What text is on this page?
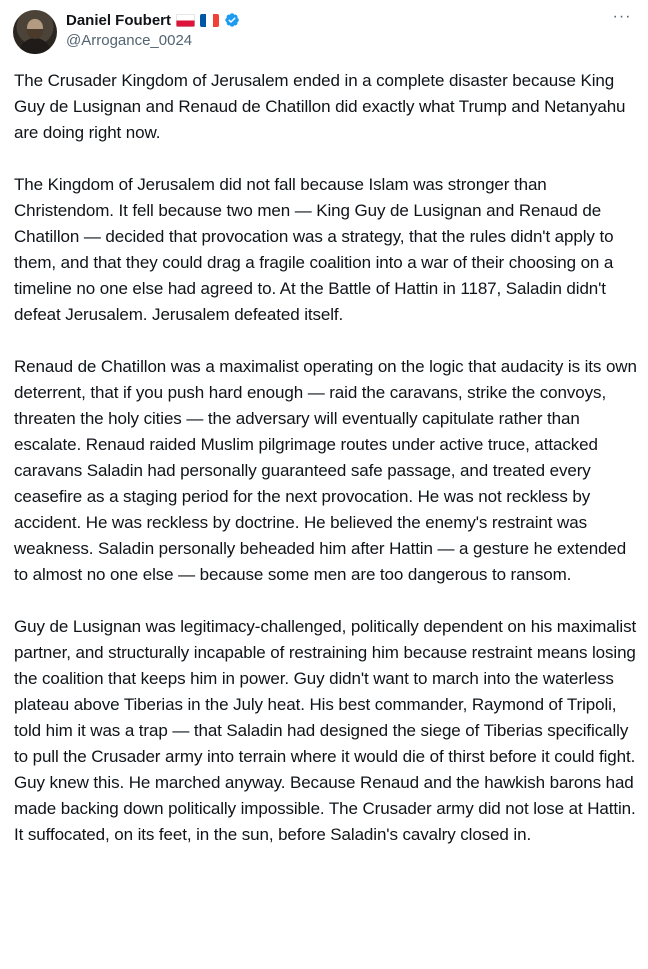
Daniel Foubert
@Arrogance_0024
···

The Crusader Kingdom of Jerusalem ended in a complete disaster because King Guy de Lusignan and Renaud de Chatillon did exactly what Trump and Netanyahu are doing right now.

The Kingdom of Jerusalem did not fall because Islam was stronger than Christendom. It fell because two men — King Guy de Lusignan and Renaud de Chatillon — decided that provocation was a strategy, that the rules didn't apply to them, and that they could drag a fragile coalition into a war of their choosing on a timeline no one else had agreed to. At the Battle of Hattin in 1187, Saladin didn't defeat Jerusalem. Jerusalem defeated itself.

Renaud de Chatillon was a maximalist operating on the logic that audacity is its own deterrent, that if you push hard enough — raid the caravans, strike the convoys, threaten the holy cities — the adversary will eventually capitulate rather than escalate. Renaud raided Muslim pilgrimage routes under active truce, attacked caravans Saladin had personally guaranteed safe passage, and treated every ceasefire as a staging period for the next provocation. He was not reckless by accident. He was reckless by doctrine. He believed the enemy's restraint was weakness. Saladin personally beheaded him after Hattin — a gesture he extended to almost no one else — because some men are too dangerous to ransom.

Guy de Lusignan was legitimacy-challenged, politically dependent on his maximalist partner, and structurally incapable of restraining him because restraint means losing the coalition that keeps him in power. Guy didn't want to march into the waterless plateau above Tiberias in the July heat. His best commander, Raymond of Tripoli, told him it was a trap — that Saladin had designed the siege of Tiberias specifically to pull the Crusader army into terrain where it would die of thirst before it could fight. Guy knew this. He marched anyway. Because Renaud and the hawkish barons had made backing down politically impossible. The Crusader army did not lose at Hattin. It suffocated, on its feet, in the sun, before Saladin's cavalry closed in.
